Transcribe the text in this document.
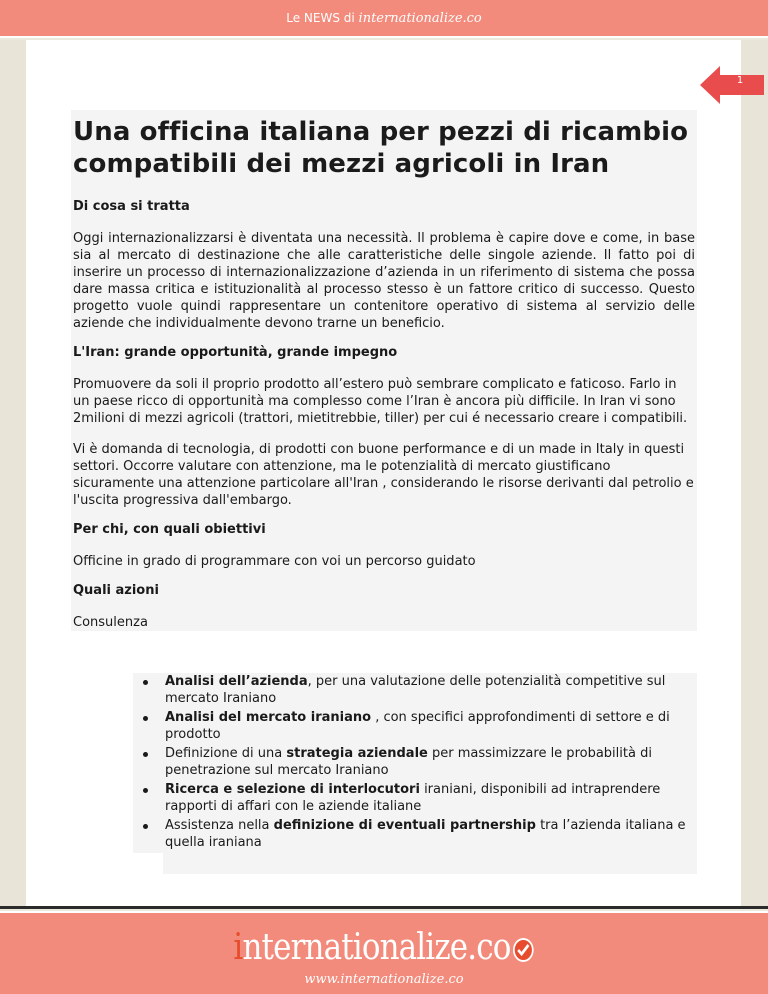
Le NEWS di internationalize.co
1
Una officina italiana per pezzi di ricambio compatibili dei mezzi agricoli in Iran
Di cosa si tratta

Oggi internazionalizzarsi è diventata una necessità. Il problema è capire dove e come, in base sia al mercato di destinazione che alle caratteristiche delle singole aziende. Il fatto poi di inserire un processo di internazionalizzazione d’azienda in un riferimento di sistema che possa dare massa critica e istituzionalità al processo stesso è un fattore critico di successo. Questo progetto vuole quindi rappresentare un contenitore operativo di sistema al servizio delle aziende che individualmente devono trarne un beneficio.

L'Iran: grande opportunità, grande impegno

Promuovere da soli il proprio prodotto all’estero può sembrare complicato e faticoso. Farlo in un paese ricco di opportunità ma complesso come l’Iran è ancora più difficile. In Iran vi sono 2milioni di mezzi agricoli (trattori, mietitrebbie, tiller) per cui é necessario creare i compatibili.

Vi è domanda di tecnologia, di prodotti con buone performance e di un made in Italy in questi settori. Occorre valutare con attenzione, ma le potenzialità di mercato giustificano sicuramente una attenzione particolare all'Iran , considerando le risorse derivanti dal petrolio e l'uscita progressiva dall'embargo.

Per chi, con quali obiettivi

Officine in grado di programmare con voi un percorso guidato

Quali azioni

Consulenza

Analisi dell’azienda, per una valutazione delle potenzialità competitive sul mercato Iraniano
Analisi del mercato iraniano , con specifici approfondimenti di settore e di prodotto
Definizione di una strategia aziendale per massimizzare le probabilità di penetrazione sul mercato Iraniano
Ricerca e selezione di interlocutori iraniani, disponibili ad intraprendere rapporti di affari con le aziende italiane
Assistenza nella definizione di eventuali partnership tra l’azienda italiana e quella iraniana
internationalize.co
www.internationalize.co
